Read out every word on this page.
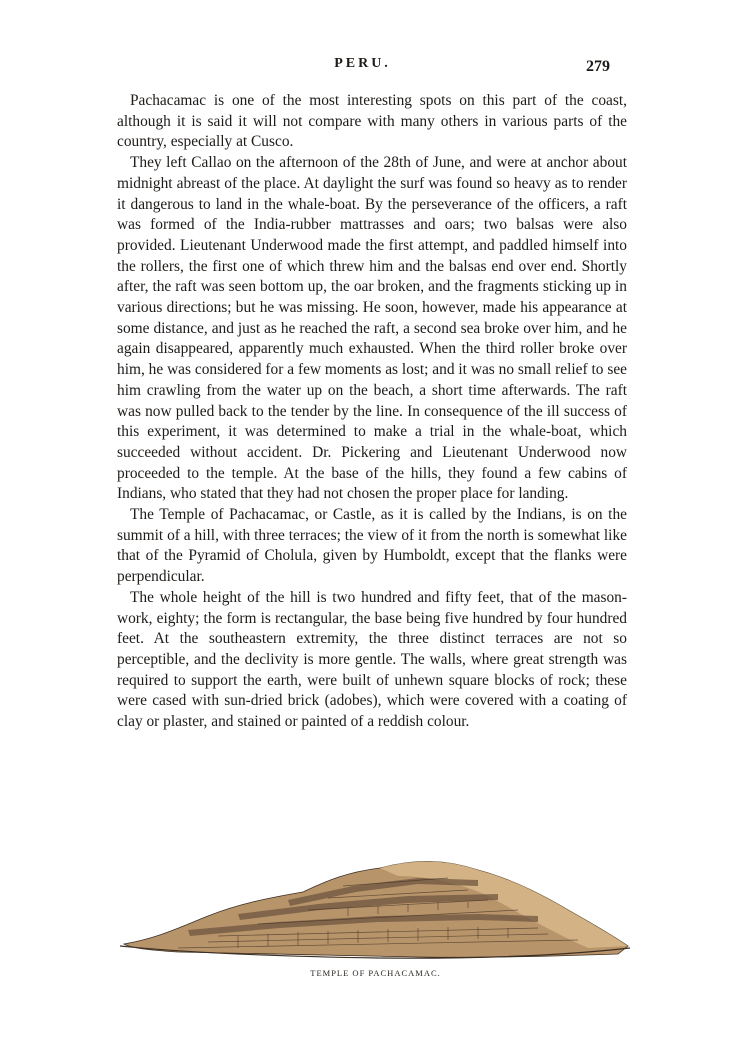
PERU.	279

Pachacamac is one of the most interesting spots on this part of the coast, although it is said it will not compare with many others in various parts of the country, especially at Cusco.

They left Callao on the afternoon of the 28th of June, and were at anchor about midnight abreast of the place. At daylight the surf was found so heavy as to render it dangerous to land in the whale-boat. By the perseverance of the officers, a raft was formed of the India-rubber mattrasses and oars; two balsas were also provided. Lieutenant Underwood made the first attempt, and paddled himself into the rollers, the first one of which threw him and the balsas end over end. Shortly after, the raft was seen bottom up, the oar broken, and the fragments sticking up in various directions; but he was missing. He soon, however, made his appearance at some distance, and just as he reached the raft, a second sea broke over him, and he again disappeared, apparently much exhausted. When the third roller broke over him, he was considered for a few moments as lost; and it was no small relief to see him crawling from the water up on the beach, a short time afterwards. The raft was now pulled back to the tender by the line. In consequence of the ill success of this experiment, it was determined to make a trial in the whale-boat, which succeeded without accident. Dr. Pickering and Lieutenant Underwood now proceeded to the temple. At the base of the hills, they found a few cabins of Indians, who stated that they had not chosen the proper place for landing.

The Temple of Pachacamac, or Castle, as it is called by the Indians, is on the summit of a hill, with three terraces; the view of it from the north is somewhat like that of the Pyramid of Cholula, given by Humboldt, except that the flanks were perpendicular.

The whole height of the hill is two hundred and fifty feet, that of the mason-work, eighty; the form is rectangular, the base being five hundred by four hundred feet. At the southeastern extremity, the three distinct terraces are not so perceptible, and the declivity is more gentle. The walls, where great strength was required to support the earth, were built of unhewn square blocks of rock; these were cased with sun-dried brick (adobes), which were covered with a coating of clay or plaster, and stained or painted of a reddish colour.

TEMPLE OF PACHACAMAC.
